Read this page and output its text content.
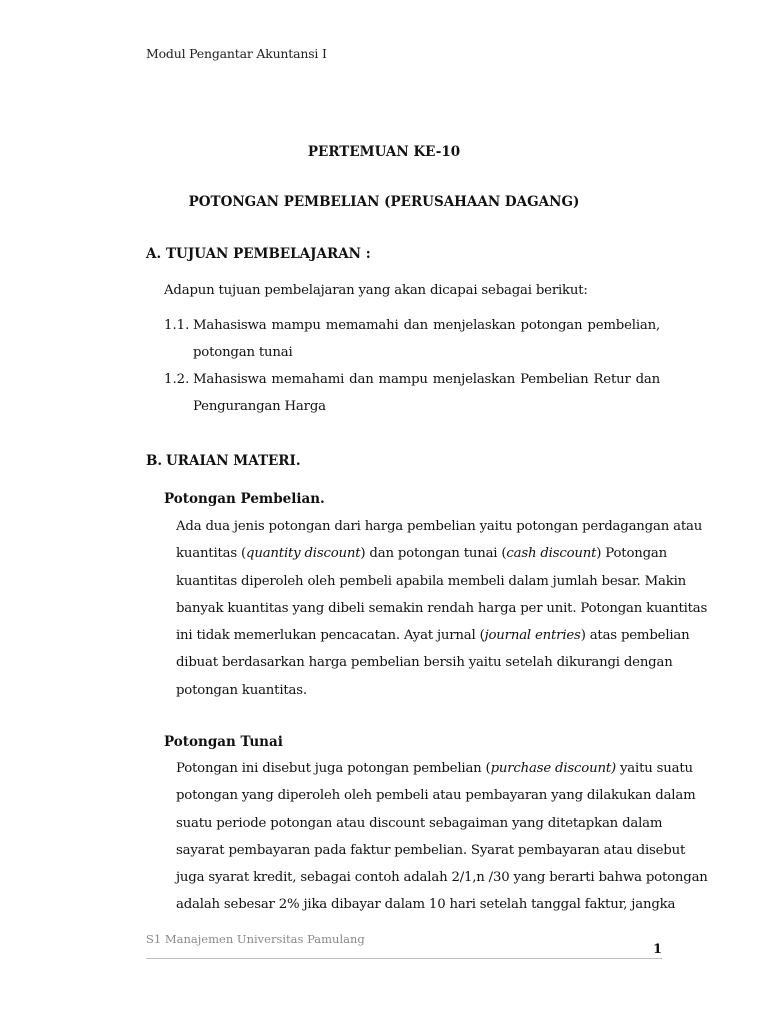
Modul Pengantar Akuntansi I
PERTEMUAN KE-10
POTONGAN PEMBELIAN (PERUSAHAAN DAGANG)
A. TUJUAN PEMBELAJARAN :
Adapun tujuan pembelajaran yang akan dicapai sebagai berikut:
1.1. Mahasiswa mampu memamahi dan menjelaskan potongan pembelian,
potongan tunai
1.2. Mahasiswa memahami dan mampu menjelaskan Pembelian Retur dan
Pengurangan Harga
B. URAIAN MATERI.
Potongan Pembelian.
Ada dua jenis potongan dari harga pembelian yaitu potongan perdagangan atau
kuantitas (quantity discount) dan potongan tunai (cash discount) Potongan
kuantitas diperoleh oleh pembeli apabila membeli dalam jumlah besar. Makin
banyak kuantitas yang dibeli semakin rendah harga per unit. Potongan kuantitas
ini tidak memerlukan pencacatan. Ayat jurnal (journal entries) atas pembelian
dibuat berdasarkan harga pembelian bersih yaitu setelah dikurangi dengan
potongan kuantitas.
Potongan Tunai
Potongan ini disebut juga potongan pembelian (purchase discount) yaitu suatu
potongan yang diperoleh oleh pembeli atau pembayaran yang dilakukan dalam
suatu periode potongan atau discount sebagaiman yang ditetapkan dalam
sayarat pembayaran pada faktur pembelian. Syarat pembayaran atau disebut
juga syarat kredit, sebagai contoh adalah 2/1,n /30 yang berarti bahwa potongan
adalah sebesar 2% jika dibayar dalam 10 hari setelah tanggal faktur, jangka
S1 Manajemen Universitas Pamulang
1
